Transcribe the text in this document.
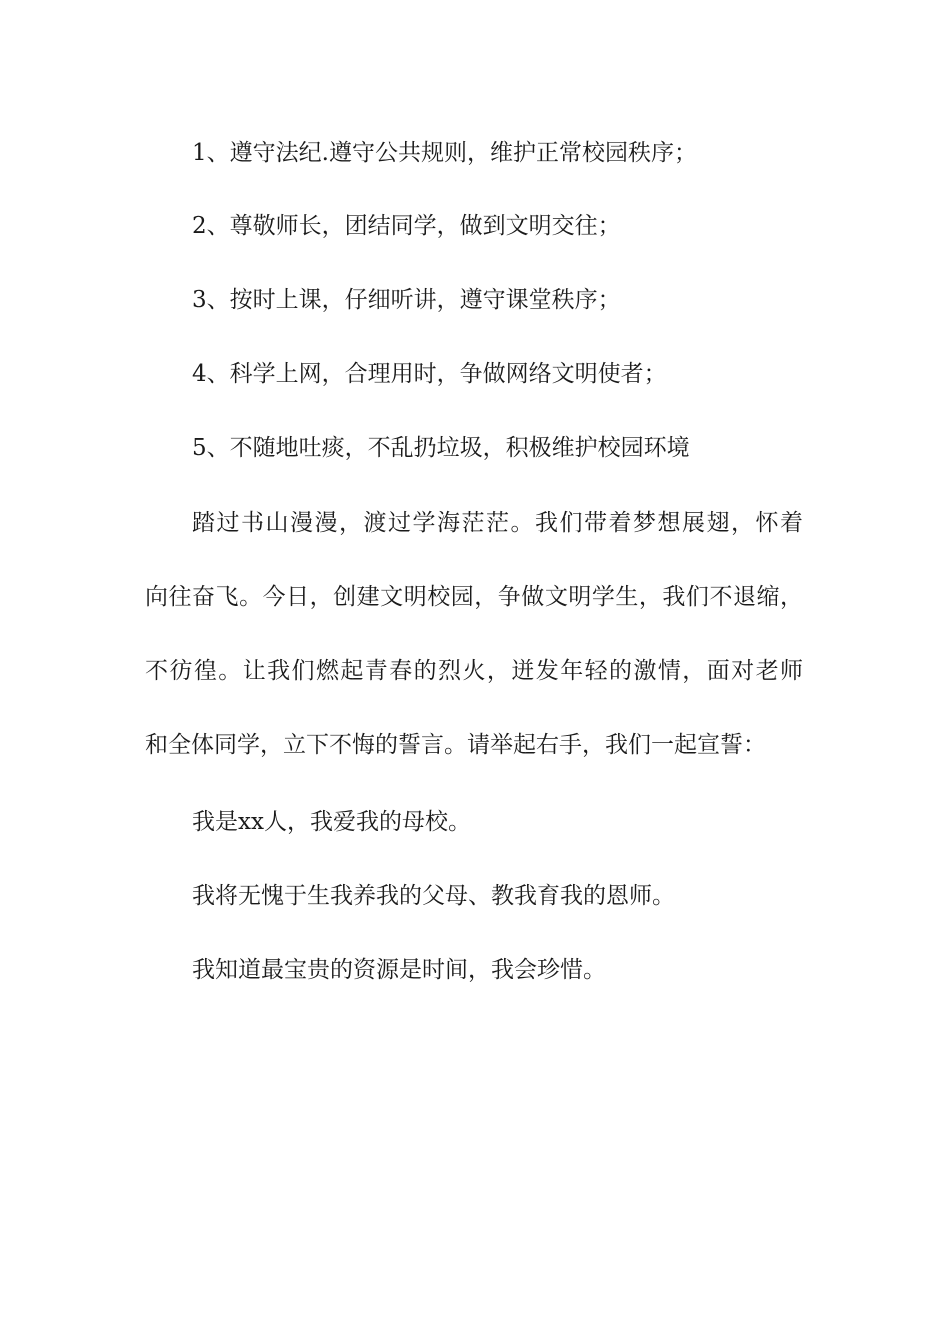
1、遵守法纪.遵守公共规则，维护正常校园秩序；

2、尊敬师长，团结同学，做到文明交往；

3、按时上课，仔细听讲，遵守课堂秩序；

4、科学上网，合理用时，争做网络文明使者；

5、不随地吐痰，不乱扔垃圾，积极维护校园环境

踏过书山漫漫，渡过学海茫茫。我们带着梦想展翅，怀着

向往奋飞。今日，创建文明校园，争做文明学生，我们不退缩，

不彷徨。让我们燃起青春的烈火，迸发年轻的激情，面对老师

和全体同学，立下不悔的誓言。请举起右手，我们一起宣誓：

我是xx人，我爱我的母校。

我将无愧于生我养我的父母、教我育我的恩师。

我知道最宝贵的资源是时间，我会珍惜。
